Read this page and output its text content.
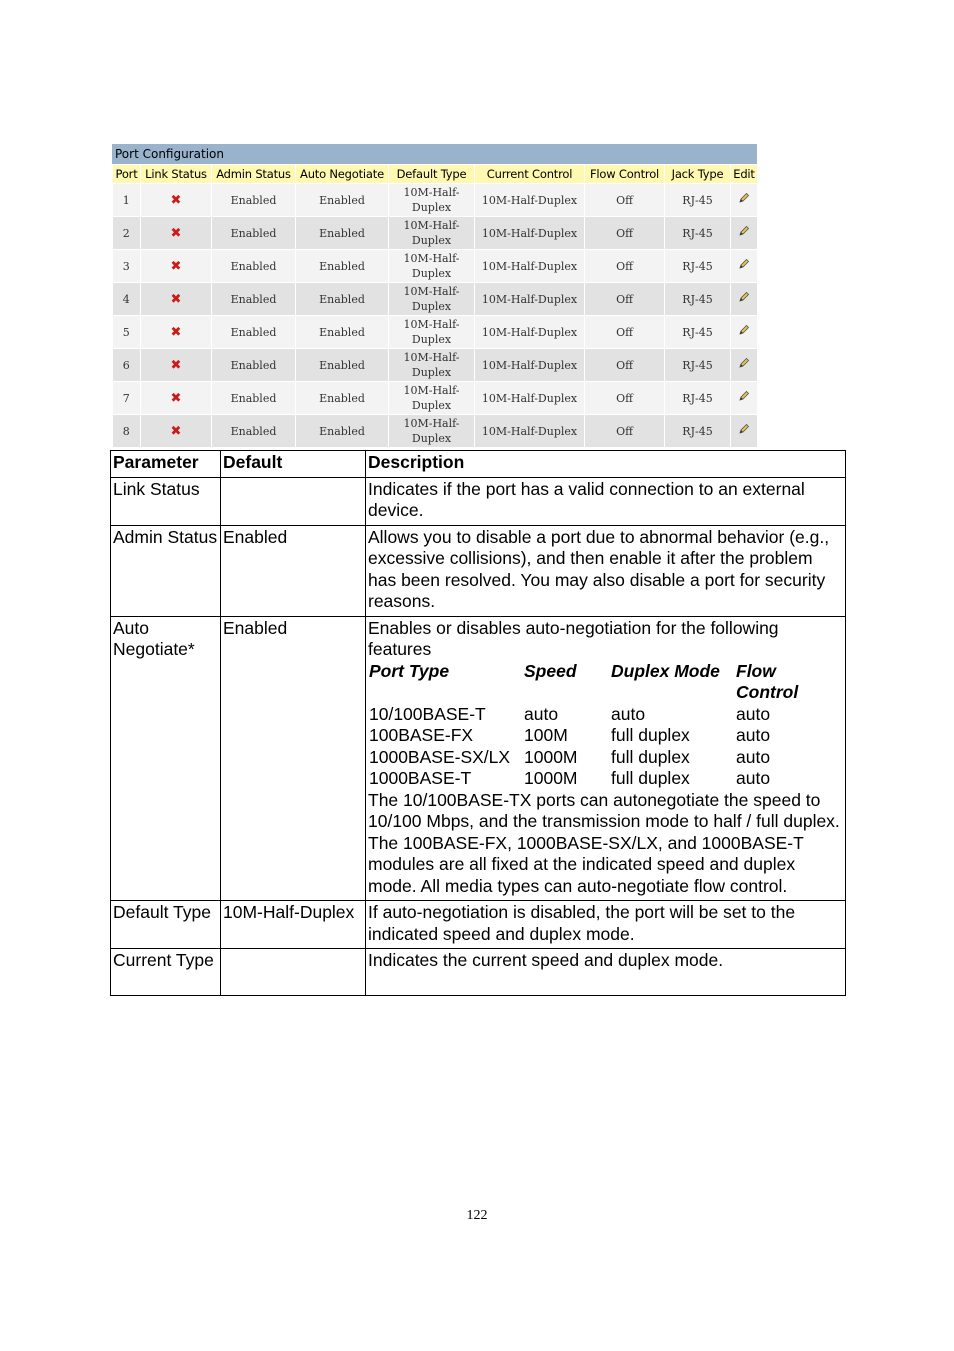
Port Configuration
Port	Link Status	Admin Status	Auto Negotiate	Default Type	Current Control	Flow Control	Jack Type	Edit
1	✖	Enabled	Enabled	10M-Half-Duplex	10M-Half-Duplex	Off	RJ-45	
2	✖	Enabled	Enabled	10M-Half-Duplex	10M-Half-Duplex	Off	RJ-45	
3	✖	Enabled	Enabled	10M-Half-Duplex	10M-Half-Duplex	Off	RJ-45	
4	✖	Enabled	Enabled	10M-Half-Duplex	10M-Half-Duplex	Off	RJ-45	
5	✖	Enabled	Enabled	10M-Half-Duplex	10M-Half-Duplex	Off	RJ-45	
6	✖	Enabled	Enabled	10M-Half-Duplex	10M-Half-Duplex	Off	RJ-45	
7	✖	Enabled	Enabled	10M-Half-Duplex	10M-Half-Duplex	Off	RJ-45	
8	✖	Enabled	Enabled	10M-Half-Duplex	10M-Half-Duplex	Off	RJ-45	
Parameter	Default	Description
Link Status		Indicates if the port has a valid connection to an external device.
Admin Status	Enabled	Allows you to disable a port due to abnormal behavior (e.g., excessive collisions), and then enable it after the problem has been resolved. You may also disable a port for security reasons.
Auto Negotiate*	Enabled	Enables or disables auto-negotiation for the following features
Port Type	Speed	Duplex Mode	Flow Control
10/100BASE-T	auto	auto	auto
100BASE-FX	100M	full duplex	auto
1000BASE-SX/LX	1000M	full duplex	auto
1000BASE-T	1000M	full duplex	auto
The 10/100BASE-TX ports can autonegotiate the speed to 10/100 Mbps, and the transmission mode to half / full duplex. The 100BASE-FX, 1000BASE-SX/LX, and 1000BASE-T modules are all fixed at the indicated speed and duplex mode. All media types can auto-negotiate flow control.

Default Type	10M-Half-Duplex	If auto-negotiation is disabled, the port will be set to the indicated speed and duplex mode.
Current Type		Indicates the current speed and duplex mode.
122
